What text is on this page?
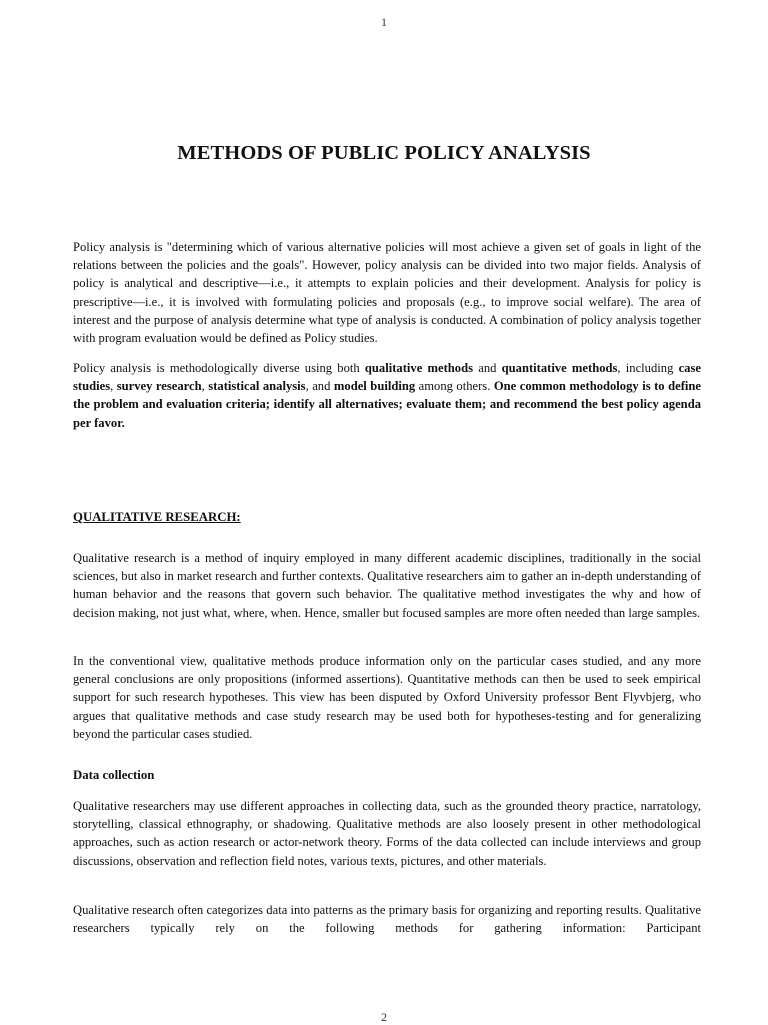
1
METHODS OF PUBLIC POLICY ANALYSIS

Policy analysis is "determining which of various alternative policies will most achieve a given set of goals in light of the relations between the policies and the goals". However, policy analysis can be divided into two major fields. Analysis of policy is analytical and descriptive—i.e., it attempts to explain policies and their development. Analysis for policy is prescriptive—i.e., it is involved with formulating policies and proposals (e.g., to improve social welfare). The area of interest and the purpose of analysis determine what type of analysis is conducted. A combination of policy analysis together with program evaluation would be defined as Policy studies.

Policy analysis is methodologically diverse using both qualitative methods and quantitative methods, including case studies, survey research, statistical analysis, and model building among others. One common methodology is to define the problem and evaluation criteria; identify all alternatives; evaluate them; and recommend the best policy agenda per favor.

QUALITATIVE RESEARCH:

Qualitative research is a method of inquiry employed in many different academic disciplines, traditionally in the social sciences, but also in market research and further contexts. Qualitative researchers aim to gather an in-depth understanding of human behavior and the reasons that govern such behavior. The qualitative method investigates the why and how of decision making, not just what, where, when. Hence, smaller but focused samples are more often needed than large samples.

In the conventional view, qualitative methods produce information only on the particular cases studied, and any more general conclusions are only propositions (informed assertions). Quantitative methods can then be used to seek empirical support for such research hypotheses. This view has been disputed by Oxford University professor Bent Flyvbjerg, who argues that qualitative methods and case study research may be used both for hypotheses-testing and for generalizing beyond the particular cases studied.

Data collection

Qualitative researchers may use different approaches in collecting data, such as the grounded theory practice, narratology, storytelling, classical ethnography, or shadowing. Qualitative methods are also loosely present in other methodological approaches, such as action research or actor-network theory. Forms of the data collected can include interviews and group discussions, observation and reflection field notes, various texts, pictures, and other materials.

Qualitative research often categorizes data into patterns as the primary basis for organizing and reporting results. Qualitative researchers typically rely on the following methods for gathering information: Participant

2
